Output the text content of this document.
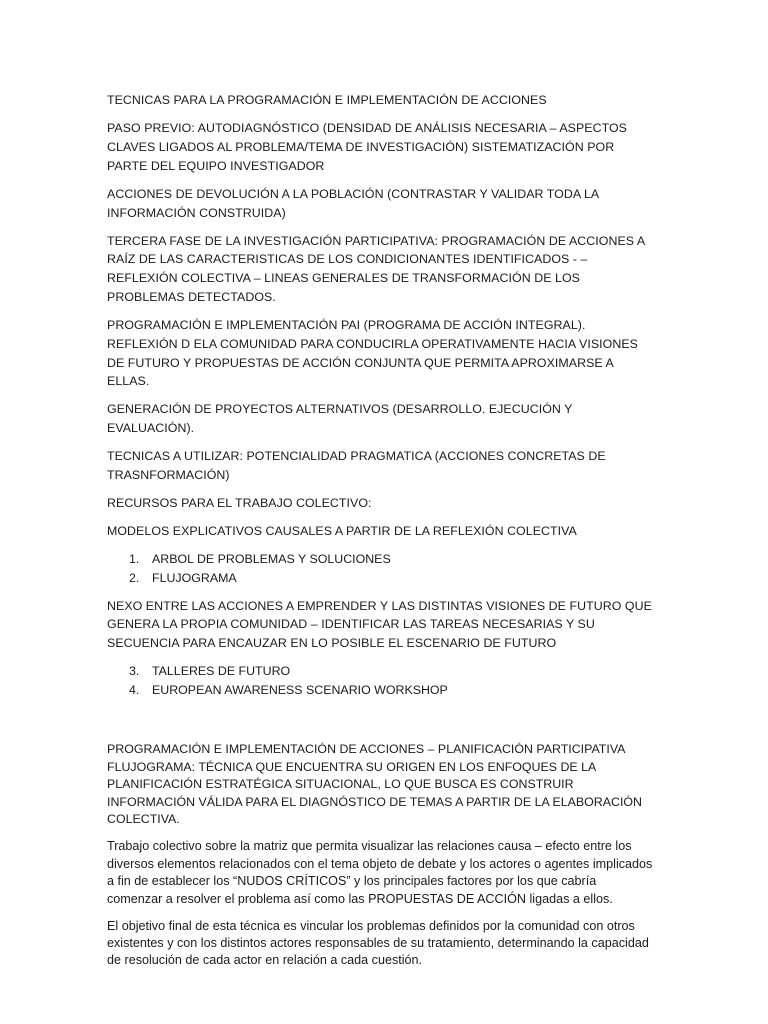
TECNICAS PARA LA PROGRAMACIÓN E IMPLEMENTACIÓN DE ACCIONES

PASO PREVIO: AUTODIAGNÓSTICO (DENSIDAD DE ANÁLISIS NECESARIA – ASPECTOS CLAVES LIGADOS AL PROBLEMA/TEMA DE INVESTIGACIÓN) SISTEMATIZACIÓN POR PARTE DEL EQUIPO INVESTIGADOR

ACCIONES DE DEVOLUCIÓN A LA POBLACIÓN (CONTRASTAR Y VALIDAR TODA LA INFORMACIÓN CONSTRUIDA)

TERCERA FASE DE LA INVESTIGACIÓN PARTICIPATIVA: PROGRAMACIÓN DE ACCIONES A RAÍZ DE LAS CARACTERISTICAS DE LOS CONDICIONANTES IDENTIFICADOS - – REFLEXIÓN COLECTIVA – LINEAS GENERALES DE TRANSFORMACIÓN DE LOS PROBLEMAS DETECTADOS.

PROGRAMACIÓN E IMPLEMENTACIÓN PAI (PROGRAMA DE ACCIÓN INTEGRAL). REFLEXIÓN D ELA COMUNIDAD PARA CONDUCIRLA OPERATIVAMENTE HACIA VISIONES DE FUTURO Y PROPUESTAS DE ACCIÓN CONJUNTA QUE PERMITA APROXIMARSE A ELLAS.

GENERACIÓN DE PROYECTOS ALTERNATIVOS (DESARROLLO. EJECUCIÓN Y EVALUACIÓN).

TECNICAS A UTILIZAR: POTENCIALIDAD PRAGMATICA (ACCIONES CONCRETAS DE TRASNFORMACIÓN)

RECURSOS PARA EL TRABAJO COLECTIVO:

MODELOS EXPLICATIVOS CAUSALES A PARTIR DE LA REFLEXIÓN COLECTIVA

1.	ARBOL DE PROBLEMAS Y SOLUCIONES
2.	FLUJOGRAMA

NEXO ENTRE LAS ACCIONES A EMPRENDER Y LAS DISTINTAS VISIONES DE FUTURO QUE GENERA LA PROPIA COMUNIDAD – IDENTIFICAR LAS TAREAS NECESARIAS Y SU SECUENCIA PARA ENCAUZAR EN LO POSIBLE EL ESCENARIO DE FUTURO

3.	TALLERES DE FUTURO
4.	EUROPEAN AWARENESS SCENARIO WORKSHOP

PROGRAMACIÓN E IMPLEMENTACIÓN DE ACCIONES – PLANIFICACIÓN PARTICIPATIVA

FLUJOGRAMA: TÉCNICA QUE ENCUENTRA SU ORIGEN EN LOS ENFOQUES DE LA PLANIFICACIÓN ESTRATÉGICA SITUACIONAL, LO QUE BUSCA ES CONSTRUIR INFORMACIÓN VÁLIDA PARA EL DIAGNÓSTICO DE TEMAS A PARTIR DE LA ELABORACIÓN COLECTIVA.

Trabajo colectivo sobre la matriz que permita visualizar las relaciones causa – efecto entre los diversos elementos relacionados con el tema objeto de debate y los actores o agentes implicados a fin de establecer los “NUDOS CRÍTICOS” y los principales factores por los que cabría comenzar a resolver el problema así como las PROPUESTAS DE ACCIÓN ligadas a ellos.

El objetivo final de esta técnica es vincular los problemas definidos por la comunidad con otros existentes y con los distintos actores responsables de su tratamiento, determinando la capacidad de resolución de cada actor en relación a cada cuestión.
